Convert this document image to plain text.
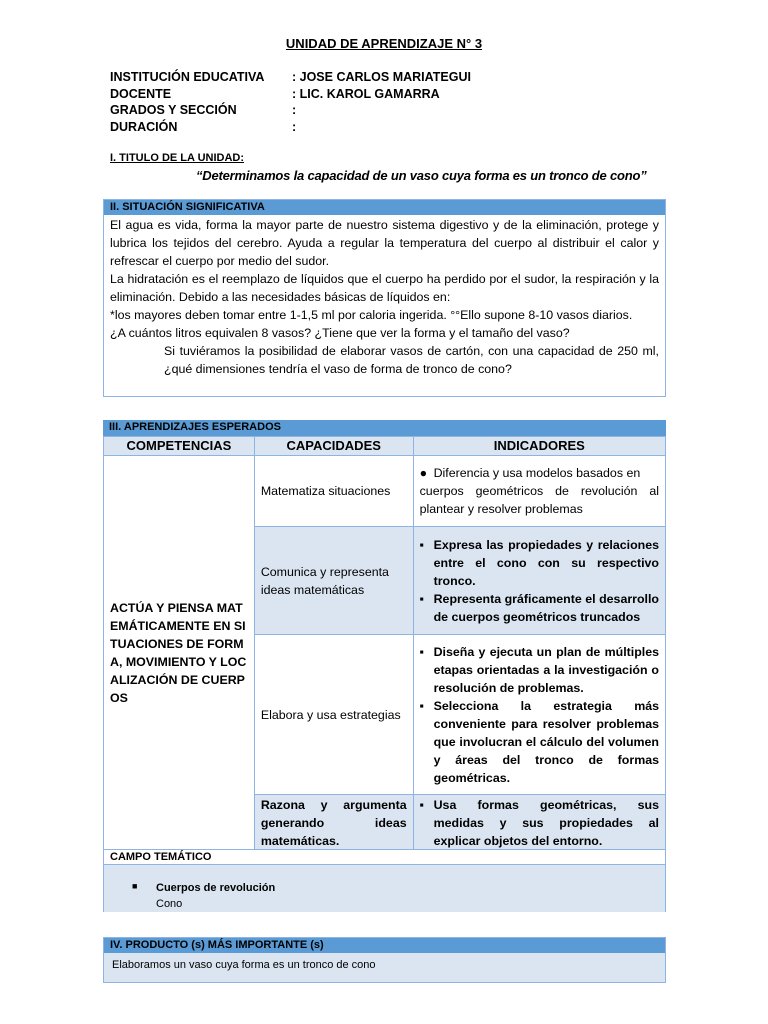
UNIDAD DE APRENDIZAJE N° 3
INSTITUCIÓN EDUCATIVA : JOSE CARLOS MARIATEGUI
DOCENTE	: LIC. KAROL GAMARRA
GRADOS Y SECCIÓN	:
DURACIÓN	:
I. TITULO DE LA UNIDAD:
“Determinamos la capacidad de un vaso cuya forma es un tronco de cono”
II. SITUACIÓN SIGNIFICATIVA

El agua es vida, forma la mayor parte de nuestro sistema digestivo y de la eliminación, protege y lubrica los tejidos del cerebro. Ayuda a regular la temperatura del cuerpo al distribuir el calor y refrescar el cuerpo por medio del sudor.

La hidratación es el reemplazo de líquidos que el cuerpo ha perdido por el sudor, la respiración y la eliminación. Debido a las necesidades básicas de líquidos en:

*los mayores deben tomar entre 1-1,5 ml por caloria ingerida. °°Ello supone 8-10 vasos diarios.

¿A cuántos litros equivalen 8 vasos? ¿Tiene que ver la forma y el tamaño del vaso?

Si tuviéramos la posibilidad de elaborar vasos de cartón, con una capacidad de 250 ml, ¿qué dimensiones tendría el vaso de forma de tronco de cono?

III. APRENDIZAJES ESPERADOS
COMPETENCIAS	CAPACIDADES	INDICADORES

ACTÚA Y PIENSA MATEMÁTICAMENTE EN SITUACIONES DE FORMA, MOVIMIENTO Y LOCALIZACIÓN DE CUERPOS	Matematiza situaciones	● Diferencia y usa modelos basados en
cuerpos geométricos de revolución al plantear y resolver problemas

	Comunica y representa ideas matemáticas	▪ Expresa las propiedades y relaciones entre el cono con su respectivo tronco.
▪ Representa gráficamente el desarrollo de cuerpos geométricos truncados

	Elabora y usa estrategias	▪ Diseña y ejecuta un plan de múltiples etapas orientadas a la investigación o resolución de problemas.
▪ Selecciona la estrategia más conveniente para resolver problemas que involucran el cálculo del volumen y áreas del tronco de formas geométricas.

	Razona y argumenta generando ideas matemáticas.	▪ Usa formas geométricas, sus medidas y sus propiedades al explicar objetos del entorno.
CAMPO TEMÁTICO
■ Cuerpos de revolución
Cono
IV. PRODUCTO (s) MÁS IMPORTANTE (s)
Elaboramos un vaso cuya forma es un tronco de cono
